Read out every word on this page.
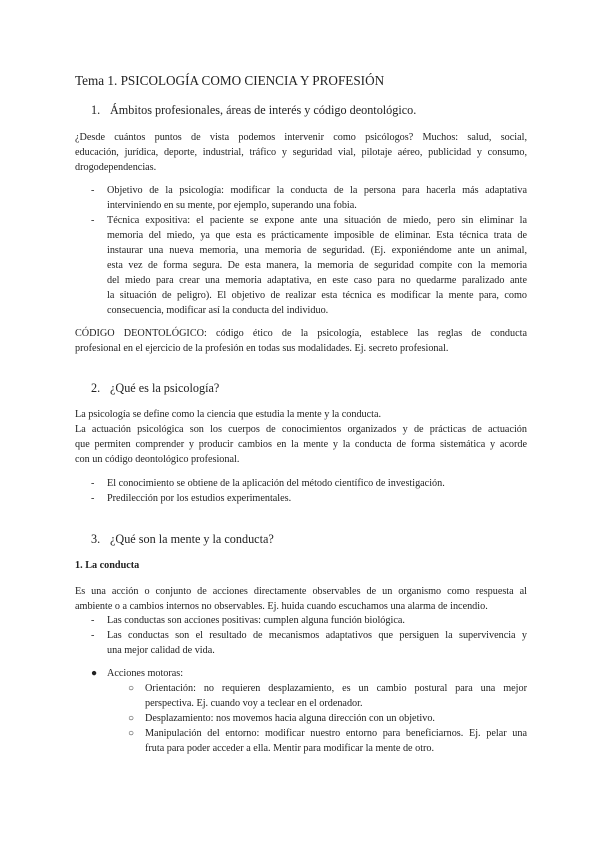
Tema 1. PSICOLOGÍA COMO CIENCIA Y PROFESIÓN
1. Ámbitos profesionales, áreas de interés y código deontológico.
¿Desde cuántos puntos de vista podemos intervenir como psicólogos? Muchos: salud, social,
educación, jurídica, deporte, industrial, tráfico y seguridad vial, pilotaje aéreo, publicidad y consumo,
drogodependencias.
-	Objetivo de la psicología: modificar la conducta de la persona para hacerla más adaptativa
interviniendo en su mente, por ejemplo, superando una fobia.
-	Técnica expositiva: el paciente se expone ante una situación de miedo, pero sin eliminar la
memoria del miedo, ya que esta es prácticamente imposible de eliminar. Esta técnica trata de
instaurar una nueva memoria, una memoria de seguridad. (Ej. exponiéndome ante un animal,
esta vez de forma segura. De esta manera, la memoria de seguridad compite con la memoria
del miedo para crear una memoria adaptativa, en este caso para no quedarme paralizado ante
la situación de peligro). El objetivo de realizar esta técnica es modificar la mente para, como
consecuencia, modificar así la conducta del individuo.
CÓDIGO DEONTOLÓGICO: código ético de la psicología, establece las reglas de conducta
profesional en el ejercicio de la profesión en todas sus modalidades. Ej. secreto profesional.
2. ¿Qué es la psicología?
La psicología se define como la ciencia que estudia la mente y la conducta.
La actuación psicológica son los cuerpos de conocimientos organizados y de prácticas de actuación
que permiten comprender y producir cambios en la mente y la conducta de forma sistemática y acorde
con un código deontológico profesional.
-	El conocimiento se obtiene de la aplicación del método científico de investigación.
-	Predilección por los estudios experimentales.
3. ¿Qué son la mente y la conducta?
1. La conducta
Es una acción o conjunto de acciones directamente observables de un organismo como respuesta al
ambiente o a cambios internos no observables. Ej. huida cuando escuchamos una alarma de incendio.
-	Las conductas son acciones positivas: cumplen alguna función biológica.
-	Las conductas son el resultado de mecanismos adaptativos que persiguen la supervivencia y
una mejor calidad de vida.
● Acciones motoras:
○ Orientación: no requieren desplazamiento, es un cambio postural para una mejor
perspectiva. Ej. cuando voy a teclear en el ordenador.
○ Desplazamiento: nos movemos hacia alguna dirección con un objetivo.
○ Manipulación del entorno: modificar nuestro entorno para beneficiarnos. Ej. pelar una
fruta para poder acceder a ella. Mentir para modificar la mente de otro.
